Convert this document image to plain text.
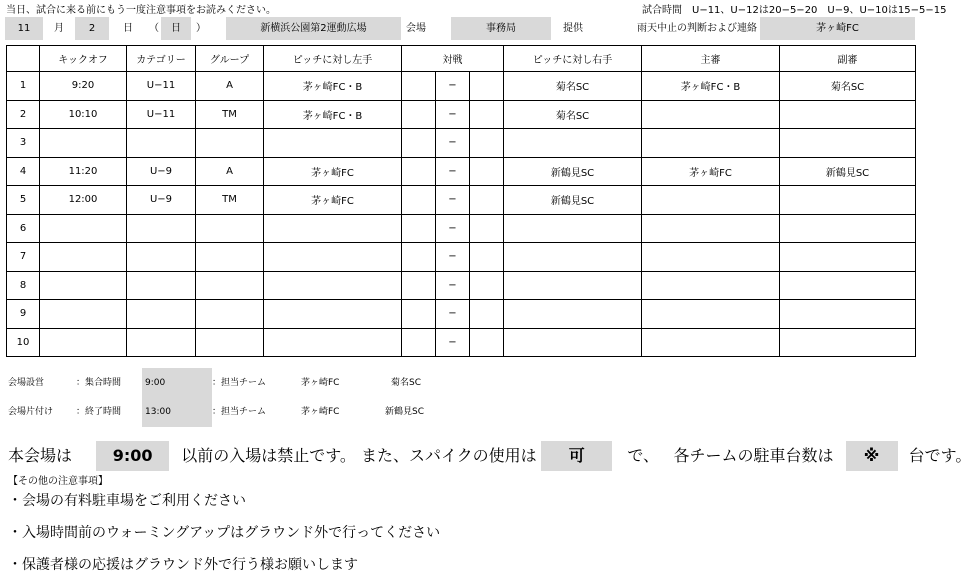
当日、試合に来る前にもう一度注意事項をお読みください。	試合時間　U−11、U−12は20−5−20　U−9、U−10は15−5−15
11	月	2	日	（	日	）	新横浜公園第2運動広場	会場	事務局	提供	雨天中止の判断および連絡	茅ヶ崎FC
	キックオフ	カテゴリー	グループ	ピッチに対し左手	対戦			ピッチに対し右手	主審	副審
1	9:20	U−11	A	茅ヶ崎FC・B		−		菊名SC	茅ヶ崎FC・B	菊名SC
2	10:10	U−11	TM	茅ヶ崎FC・B		−		菊名SC		
3						−				
4	11:20	U−9	A	茅ヶ崎FC		−		新鶴見SC	茅ヶ崎FC	新鶴見SC
5	12:00	U−9	TM	茅ヶ崎FC		−		新鶴見SC		
6						−				
7						−				
8						−				
9						−				
10						−				
会場設営	：集合時間	9:00	：担当チーム	茅ヶ崎FC	菊名SC
会場片付け	：終了時間	13:00	：担当チーム	茅ヶ崎FC	新鶴見SC
本会場は	9:00 以前の入場は禁止です。 また、スパイクの使用は 可	で、 各チームの駐車台数は ※ 台です。
【その他の注意事項】
・会場の有料駐車場をご利用ください
・入場時間前のウォーミングアップはグラウンド外で行ってください
・保護者様の応援はグラウンド外で行う様お願いします
